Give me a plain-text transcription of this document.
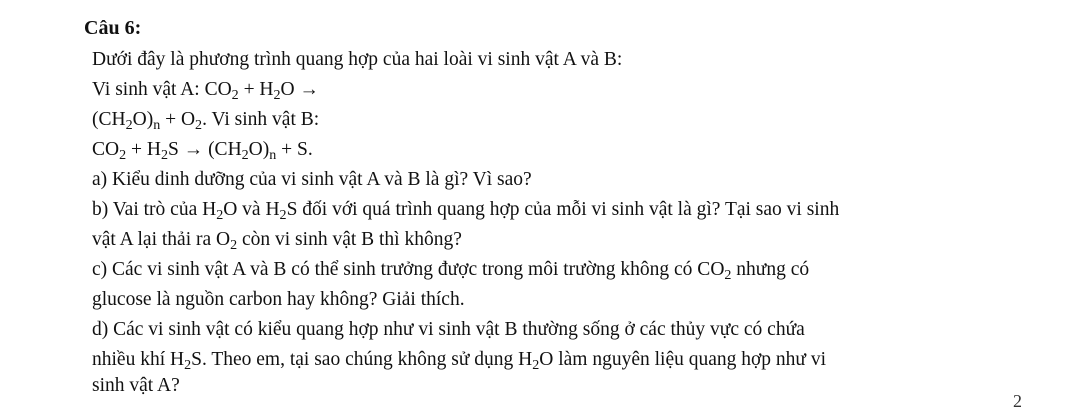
Câu 6:
Dưới đây là phương trình quang hợp của hai loài vi sinh vật A và B:
Vi sinh vật A: $CO_2 + H_2O$ →
$(CH_2O)_n + O_2$. Vi sinh vật B:
$CO_2 + H_2S \to (CH_2O)_n + S$.
a) Kiểu dinh dưỡng của vi sinh vật A và B là gì? Vì sao?
b) Vai trò của $H_2O$ và $H_2S$ đối với quá trình quang hợp của mỗi vi sinh vật là gì? Tại sao vi sinh
vật A lại thải ra $O_2$ còn vi sinh vật B thì không?
c) Các vi sinh vật A và B có thể sinh trưởng được trong môi trường không có $CO_2$ nhưng có
glucose là nguồn carbon hay không? Giải thích.
d) Các vi sinh vật có kiểu quang hợp như vi sinh vật B thường sống ở các thủy vực có chứa
nhiều khí $H_2S$. Theo em, tại sao chúng không sử dụng $H_2O$ làm nguyên liệu quang hợp như vi
sinh vật A?
2
